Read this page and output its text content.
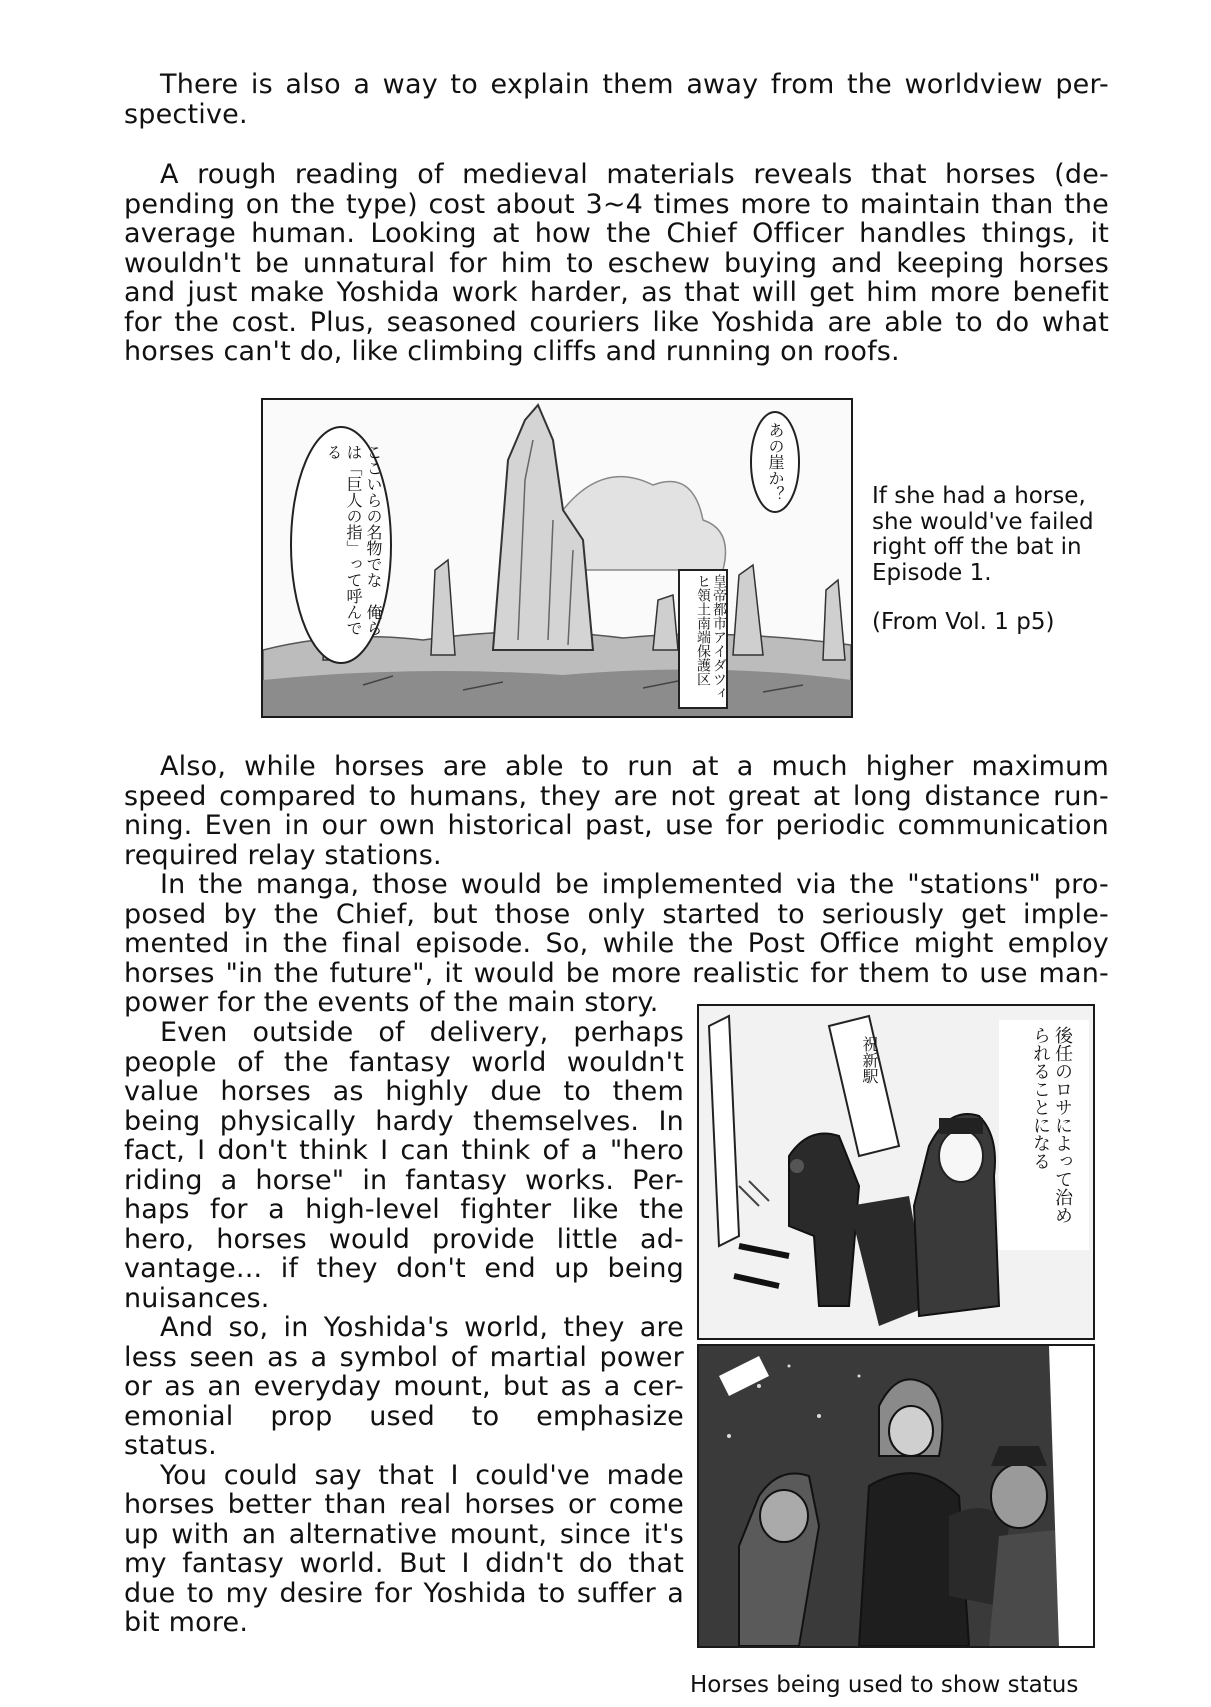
There is also a way to explain them away from the worldview per-
spective.

A rough reading of medieval materials reveals that horses (de-
pending on the type) cost about 3~4 times more to maintain than the
average human. Looking at how the Chief Officer handles things, it
wouldn't be unnatural for him to eschew buying and keeping horses
and just make Yoshida work harder, as that will get him more benefit
for the cost. Plus, seasoned couriers like Yoshida are able to do what
horses can't do, like climbing cliffs and running on roofs.

ここいらの名物でな　俺らは「巨人の指」って呼んでる	あの崖か？
皇帝都市アイダツィヒ領土南端保護区
If she had a horse,
she would've failed
right off the bat in
Episode 1.
(From Vol. 1 p5)

Also, while horses are able to run at a much higher maximum
speed compared to humans, they are not great at long distance run-
ning. Even in our own historical past, use for periodic communication
required relay stations.
In the manga, those would be implemented via the "stations" pro-
posed by the Chief, but those only started to seriously get imple-
mented in the final episode. So, while the Post Office might employ
horses "in the future", it would be more realistic for them to use man-
power for the events of the main story.

Even outside of delivery, perhaps
people of the fantasy world wouldn't
value horses as highly due to them
being physically hardy themselves. In
fact, I don't think I can think of a "hero
riding a horse" in fantasy works. Per-
haps for a high-level fighter like the
hero, horses would provide little ad-
vantage... if they don't end up being
nuisances.
And so, in Yoshida's world, they are
less seen as a symbol of martial power
or as an everyday mount, but as a cer-
emonial prop used to emphasize
status.
You could say that I could've made
horses better than real horses or come
up with an alternative mount, since it's
my fantasy world. But I didn't do that
due to my desire for Yoshida to suffer a
bit more.

後任のロサによって治められることになる
祝新駅
Horses being used to show status
